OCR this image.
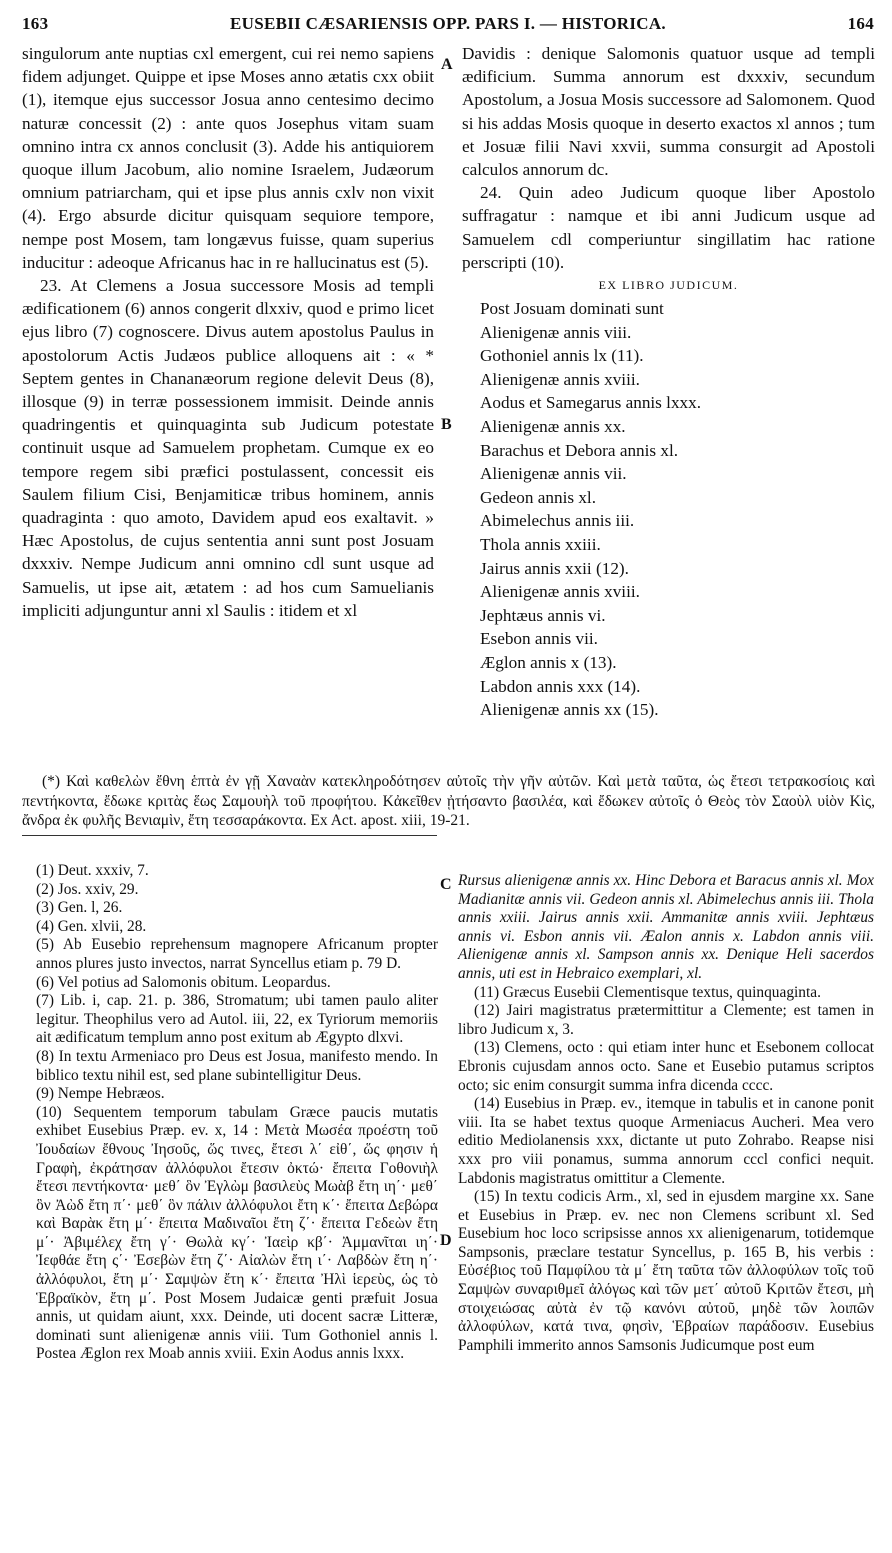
163	EUSEBII CÆSARIENSIS OPP. PARS I. — HISTORICA.	164
A
B
C
D

singulorum ante nuptias cxl emergent, cui rei nemo sapiens fidem adjunget. Quippe et ipse Moses anno ætatis cxx obiit (1), itemque ejus successor Josua anno centesimo decimo naturæ concessit (2) : ante quos Josephus vitam suam omnino intra cx annos conclusit (3). Adde his antiquiorem quoque illum Jacobum, alio nomine Israelem, Judæorum omnium patriarcham, qui et ipse plus annis cxlv non vixit (4). Ergo absurde dicitur quisquam sequiore tempore, nempe post Mosem, tam longævus fuisse, quam superius inducitur : adeoque Africanus hac in re hallucinatus est (5).

23. At Clemens a Josua successore Mosis ad templi ædificationem (6) annos congerit dlxxiv, quod e primo licet ejus libro (7) cognoscere. Divus autem apostolus Paulus in apostolorum Actis Judæos publice alloquens ait : « * Septem gentes in Chananæorum regione delevit Deus (8), illosque (9) in terræ possessionem immisit. Deinde annis quadringentis et quinquaginta sub Judicum potestate continuit usque ad Samuelem prophetam. Cumque ex eo tempore regem sibi præfici postulassent, concessit eis Saulem filium Cisi, Benjamiticæ tribus hominem, annis quadraginta : quo amoto, Davidem apud eos exaltavit. » Hæc Apostolus, de cujus sententia anni sunt post Josuam dxxxiv. Nempe Judicum anni omnino cdl sunt usque ad Samuelis, ut ipse ait, ætatem : ad hos cum Samuelianis impliciti adjunguntur anni xl Saulis : itidem et xl

Davidis : denique Salomonis quatuor usque ad templi ædificium. Summa annorum est dxxxiv, secundum Apostolum, a Josua Mosis successore ad Salomonem. Quod si his addas Mosis quoque in deserto exactos xl annos ; tum et Josuæ filii Navi xxvii, summa consurgit ad Apostoli calculos annorum dc.

24. Quin adeo Judicum quoque liber Apostolo suffragatur : namque et ibi anni Judicum usque ad Samuelem cdl comperiuntur singillatim hac ratione perscripti (10).

EX LIBRO JUDICUM.
Post Josuam dominati sunt
Alienigenæ annis viii.
Gothoniel annis lx (11).
Alienigenæ annis xviii.
Aodus et Samegarus annis lxxx.
Alienigenæ annis xx.
Barachus et Debora annis xl.
Alienigenæ annis vii.
Gedeon annis xl.
Abimelechus annis iii.
Thola annis xxiii.
Jairus annis xxii (12).
Alienigenæ annis xviii.
Jephtæus annis vi.
Esebon annis vii.
Æglon annis x (13).
Labdon annis xxx (14).
Alienigenæ annis xx (15).

(*) Καὶ καθελὼν ἔθνη ἑπτὰ ἐν γῇ Χαναὰν κατεκληροδότησεν αὐτοῖς τὴν γῆν αὐτῶν. Καὶ μετὰ ταῦτα, ὡς ἔτεσι τετρακοσίοις καὶ πεντήκοντα, ἔδωκε κριτὰς ἕως Σαμουὴλ τοῦ προφήτου. Κἀκεῖθεν ᾐτήσαντο βασιλέα, καὶ ἔδωκεν αὐτοῖς ὁ Θεὸς τὸν Σαοὺλ υἱὸν Κὶς, ἄνδρα ἐκ φυλῆς Βενιαμὶν, ἔτη τεσσαράκοντα. Ex Act. apost. xiii, 19-21.

(1) Deut. xxxiv, 7.

(2) Jos. xxiv, 29.

(3) Gen. l, 26.

(4) Gen. xlvii, 28.

(5) Ab Eusebio reprehensum magnopere Africanum propter annos plures justo invectos, narrat Syncellus etiam p. 79 D.

(6) Vel potius ad Salomonis obitum. Leopardus.

(7) Lib. i, cap. 21. p. 386, Stromatum; ubi tamen paulo aliter legitur. Theophilus vero ad Autol. iii, 22, ex Tyriorum memoriis ait ædificatum templum anno post exitum ab Ægypto dlxvi.

(8) In textu Armeniaco pro Deus est Josua, manifesto mendo. In biblico textu nihil est, sed plane subintelligitur Deus.

(9) Nempe Hebræos.

(10) Sequentem temporum tabulam Græce paucis mutatis exhibet Eusebius Præp. ev. x, 14 : Μετὰ Μωσέα προέστη τοῦ Ἰουδαίων ἔθνους Ἰησοῦς, ὥς τινες, ἔτεσι λ΄ εἰθ΄, ὥς φησιν ἡ Γραφὴ, ἐκράτησαν ἀλλόφυλοι ἔτεσιν ὀκτώ· ἔπειτα Γοθονιὴλ ἔτεσι πεντήκοντα· μεθ΄ ὃν Ἐγλὼμ βασιλεὺς Μωὰβ ἔτη ιη΄· μεθ΄ ὃν Ἀὼδ ἔτη π΄· μεθ΄ ὃν πάλιν ἀλλόφυλοι ἔτη κ΄· ἔπειτα Δεβώρα καὶ Βαρὰκ ἔτη μ΄· ἔπειτα Μαδιναῖοι ἔτη ζ΄· ἔπειτα Γεδεὼν ἔτη μ΄· Ἀβιμέλεχ ἔτη γ΄· Θωλὰ κγ΄· Ἰαεὶρ κβ΄· Ἀμμανῖται ιη΄· Ἰεφθάε ἔτη ς΄· Ἐσεβὼν ἔτη ζ΄· Αἰαλὼν ἔτη ι΄· Λαβδὼν ἔτη η΄· ἀλλόφυλοι, ἔτη μ΄· Σαμψὼν ἔτη κ΄· ἔπειτα Ἠλὶ ἱερεὺς, ὡς τὸ Ἑβραϊκὸν, ἔτη μ΄. Post Mosem Judaicæ genti præfuit Josua annis, ut quidam aiunt, xxx. Deinde, uti docent sacræ Litteræ, dominati sunt alienigenæ annis viii. Tum Gothoniel annis l. Postea Æglon rex Moab annis xviii. Exin Aodus annis lxxx.

Rursus alienigenæ annis xx. Hinc Debora et Baracus annis xl. Mox Madianitæ annis vii. Gedeon annis xl. Abimelechus annis iii. Thola annis xxiii. Jairus annis xxii. Ammanitæ annis xviii. Jephtæus annis vi. Esbon annis vii. Æalon annis x. Labdon annis viii. Alienigenæ annis xl. Sampson annis xx. Denique Heli sacerdos annis, uti est in Hebraico exemplari, xl.

(11) Græcus Eusebii Clementisque textus, quinquaginta.

(12) Jairi magistratus prætermittitur a Clemente; est tamen in libro Judicum x, 3.

(13) Clemens, octo : qui etiam inter hunc et Esebonem collocat Ebronis cujusdam annos octo. Sane et Eusebio putamus scriptos octo; sic enim consurgit summa infra dicenda cccc.

(14) Eusebius in Præp. ev., itemque in tabulis et in canone ponit viii. Ita se habet textus quoque Armeniacus Aucheri. Mea vero editio Mediolanensis xxx, dictante ut puto Zohrabo. Reapse nisi xxx pro viii ponamus, summa annorum cccl confici nequit. Labdonis magistratus omittitur a Clemente.

(15) In textu codicis Arm., xl, sed in ejusdem margine xx. Sane et Eusebius in Præp. ev. nec non Clemens scribunt xl. Sed Eusebium hoc loco scripsisse annos xx alienigenarum, totidemque Sampsonis, præclare testatur Syncellus, p. 165 B, his verbis : Εὐσέβιος τοῦ Παμφίλου τὰ μ΄ ἔτη ταῦτα τῶν ἀλλοφύλων τοῖς τοῦ Σαμψὼν συναριθμεῖ ἀλόγως καὶ τῶν μετ΄ αὐτοῦ Κριτῶν ἔτεσι, μὴ στοιχειώσας αὐτὰ ἐν τῷ κανόνι αὐτοῦ, μηδὲ τῶν λοιπῶν ἀλλοφύλων, κατά τινα, φησὶν, Ἑβραίων παράδοσιν. Eusebius Pamphili immerito annos Samsonis Judicumque post eum
